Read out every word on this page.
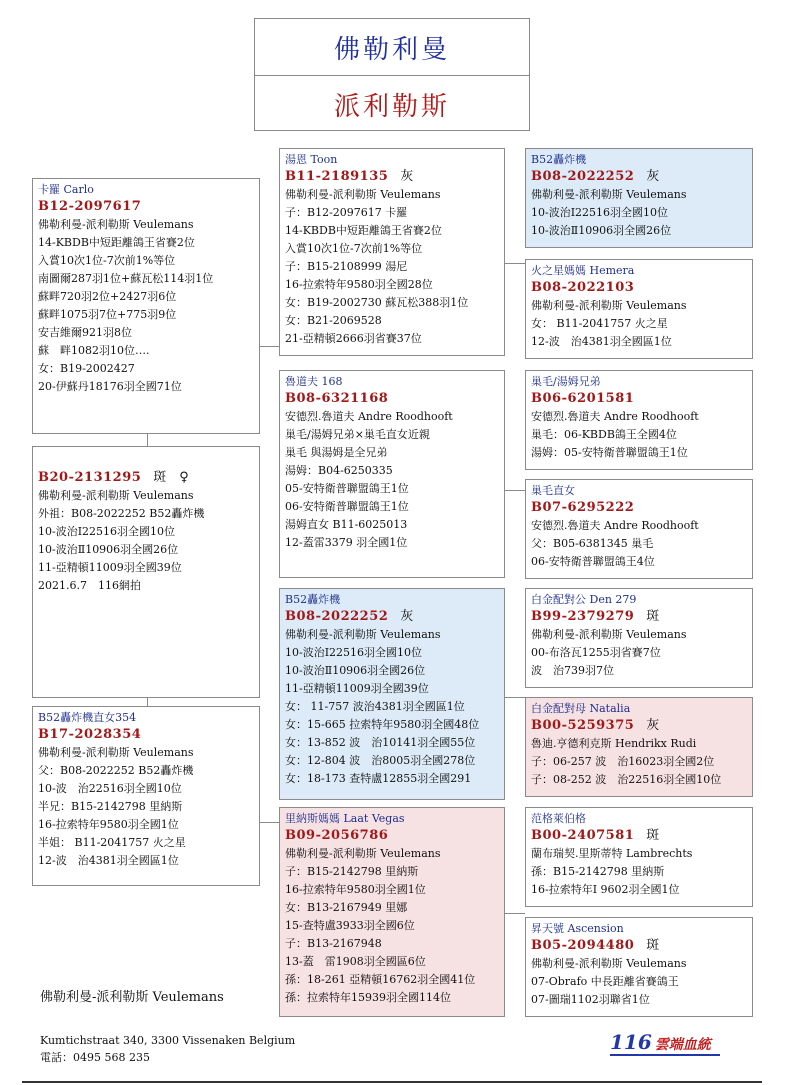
佛勒利曼
派利勒斯
卡羅 Carlo
B12-2097617
佛勒利曼-派利勒斯 Veulemans
14-KBDB中短距離鴿王省賽2位
入賞10次1位-7次前1%等位
南圖爾287羽1位+蘇瓦松114羽1位
蘇畔720羽2位+2427羽6位
蘇畔1075羽7位+775羽9位
安吉維爾921羽8位
蘇　畔1082羽10位….
女：B19-2002427
20-伊蘇丹18176羽全國71位
B20-2131295 斑　♀
佛勒利曼-派利勒斯 Veulemans
外祖：B08-2022252 B52轟炸機
10-波治Ⅰ22516羽全國10位
10-波治Ⅱ10906羽全國26位
11-亞精頓11009羽全國39位
2021.6.7　116網拍
B52轟炸機直女354
B17-2028354
佛勒利曼-派利勒斯 Veulemans
父：B08-2022252 B52轟炸機
10-波　治22516羽全國10位
半兄：B15-2142798 里納斯
16-拉索特年9580羽全國1位
半姐： B11-2041757 火之星
12-波　治4381羽全國區1位
湯恩 Toon
B11-2189135 灰
佛勒利曼-派利勒斯 Veulemans
子：B12-2097617 卡羅
14-KBDB中短距離鴿王省賽2位
入賞10次1位-7次前1%等位
子：B15-2108999 湯尼
16-拉索特年9580羽全國28位
女：B19-2002730 蘇瓦松388羽1位
女：B21-2069528
21-亞精頓2666羽省賽37位
魯道夫 168
B08-6321168
安德烈.魯道夫 Andre Roodhooft
巢毛/湯姆兄弟×巢毛直女近親
巢毛 與湯姆是全兄弟
湯姆：B04-6250335
05-安特衛普聯盟鴿王1位
06-安特衛普聯盟鴿王1位
湯姆直女 B11-6025013
12-蓋雷3379 羽全國1位
B52轟炸機
B08-2022252 灰
佛勒利曼-派利勒斯 Veulemans
10-波治Ⅰ22516羽全國10位
10-波治Ⅱ10906羽全國26位
11-亞精頓11009羽全國39位
女： 11-757 波治4381羽全國區1位
女：15-665 拉索特年9580羽全國48位
女：13-852 波　治10141羽全國55位
女：12-804 波　治8005羽全國278位
女：18-173 查特盧12855羽全國291
里納斯媽媽 Laat Vegas
B09-2056786
佛勒利曼-派利勒斯 Veulemans
子：B15-2142798 里納斯
16-拉索特年9580羽全國1位
女：B13-2167949 里娜
15-查特盧3933羽全國6位
子：B13-2167948
13-蓋　雷1908羽全國區6位
孫：18-261 亞精頓16762羽全國41位
孫：拉索特年15939羽全國114位
B52轟炸機
B08-2022252 灰
佛勒利曼-派利勒斯 Veulemans
10-波治Ⅰ22516羽全國10位
10-波治Ⅱ10906羽全國26位
火之星媽媽 Hemera
B08-2022103
佛勒利曼-派利勒斯 Veulemans
女： B11-2041757 火之星
12-波　治4381羽全國區1位
巢毛/湯姆兄弟
B06-6201581
安德烈.魯道夫 Andre Roodhooft
巢毛：06-KBDB鴿王全國4位
湯姆：05-安特衛普聯盟鴿王1位
巢毛直女
B07-6295222
安德烈.魯道夫 Andre Roodhooft
父：B05-6381345 巢毛
06-安特衛普聯盟鴿王4位
白金配對公 Den 279
B99-2379279 斑
佛勒利曼-派利勒斯 Veulemans
00-布洛瓦1255羽省賽7位
波　治739羽7位
白金配對母 Natalia
B00-5259375 灰
魯迪.亨德利克斯 Hendrikx Rudi
子：06-257 波　治16023羽全國2位
子：08-252 波　治22516羽全國10位
范格萊伯格
B00-2407581 斑
蘭布瑞契.里斯蒂特 Lambrechts
孫：B15-2142798 里納斯
16-拉索特年I 9602羽全國1位
昇天號 Ascension
B05-2094480 斑
佛勒利曼-派利勒斯 Veulemans
07-Obrafo 中長距離省賽鴿王
07-圖瑞1102羽聯省1位
佛勒利曼-派利勒斯 Veulemans
Kumtichstraat 340, 3300 Vissenaken Belgium
電話：0495 568 235
116 雲端血統
